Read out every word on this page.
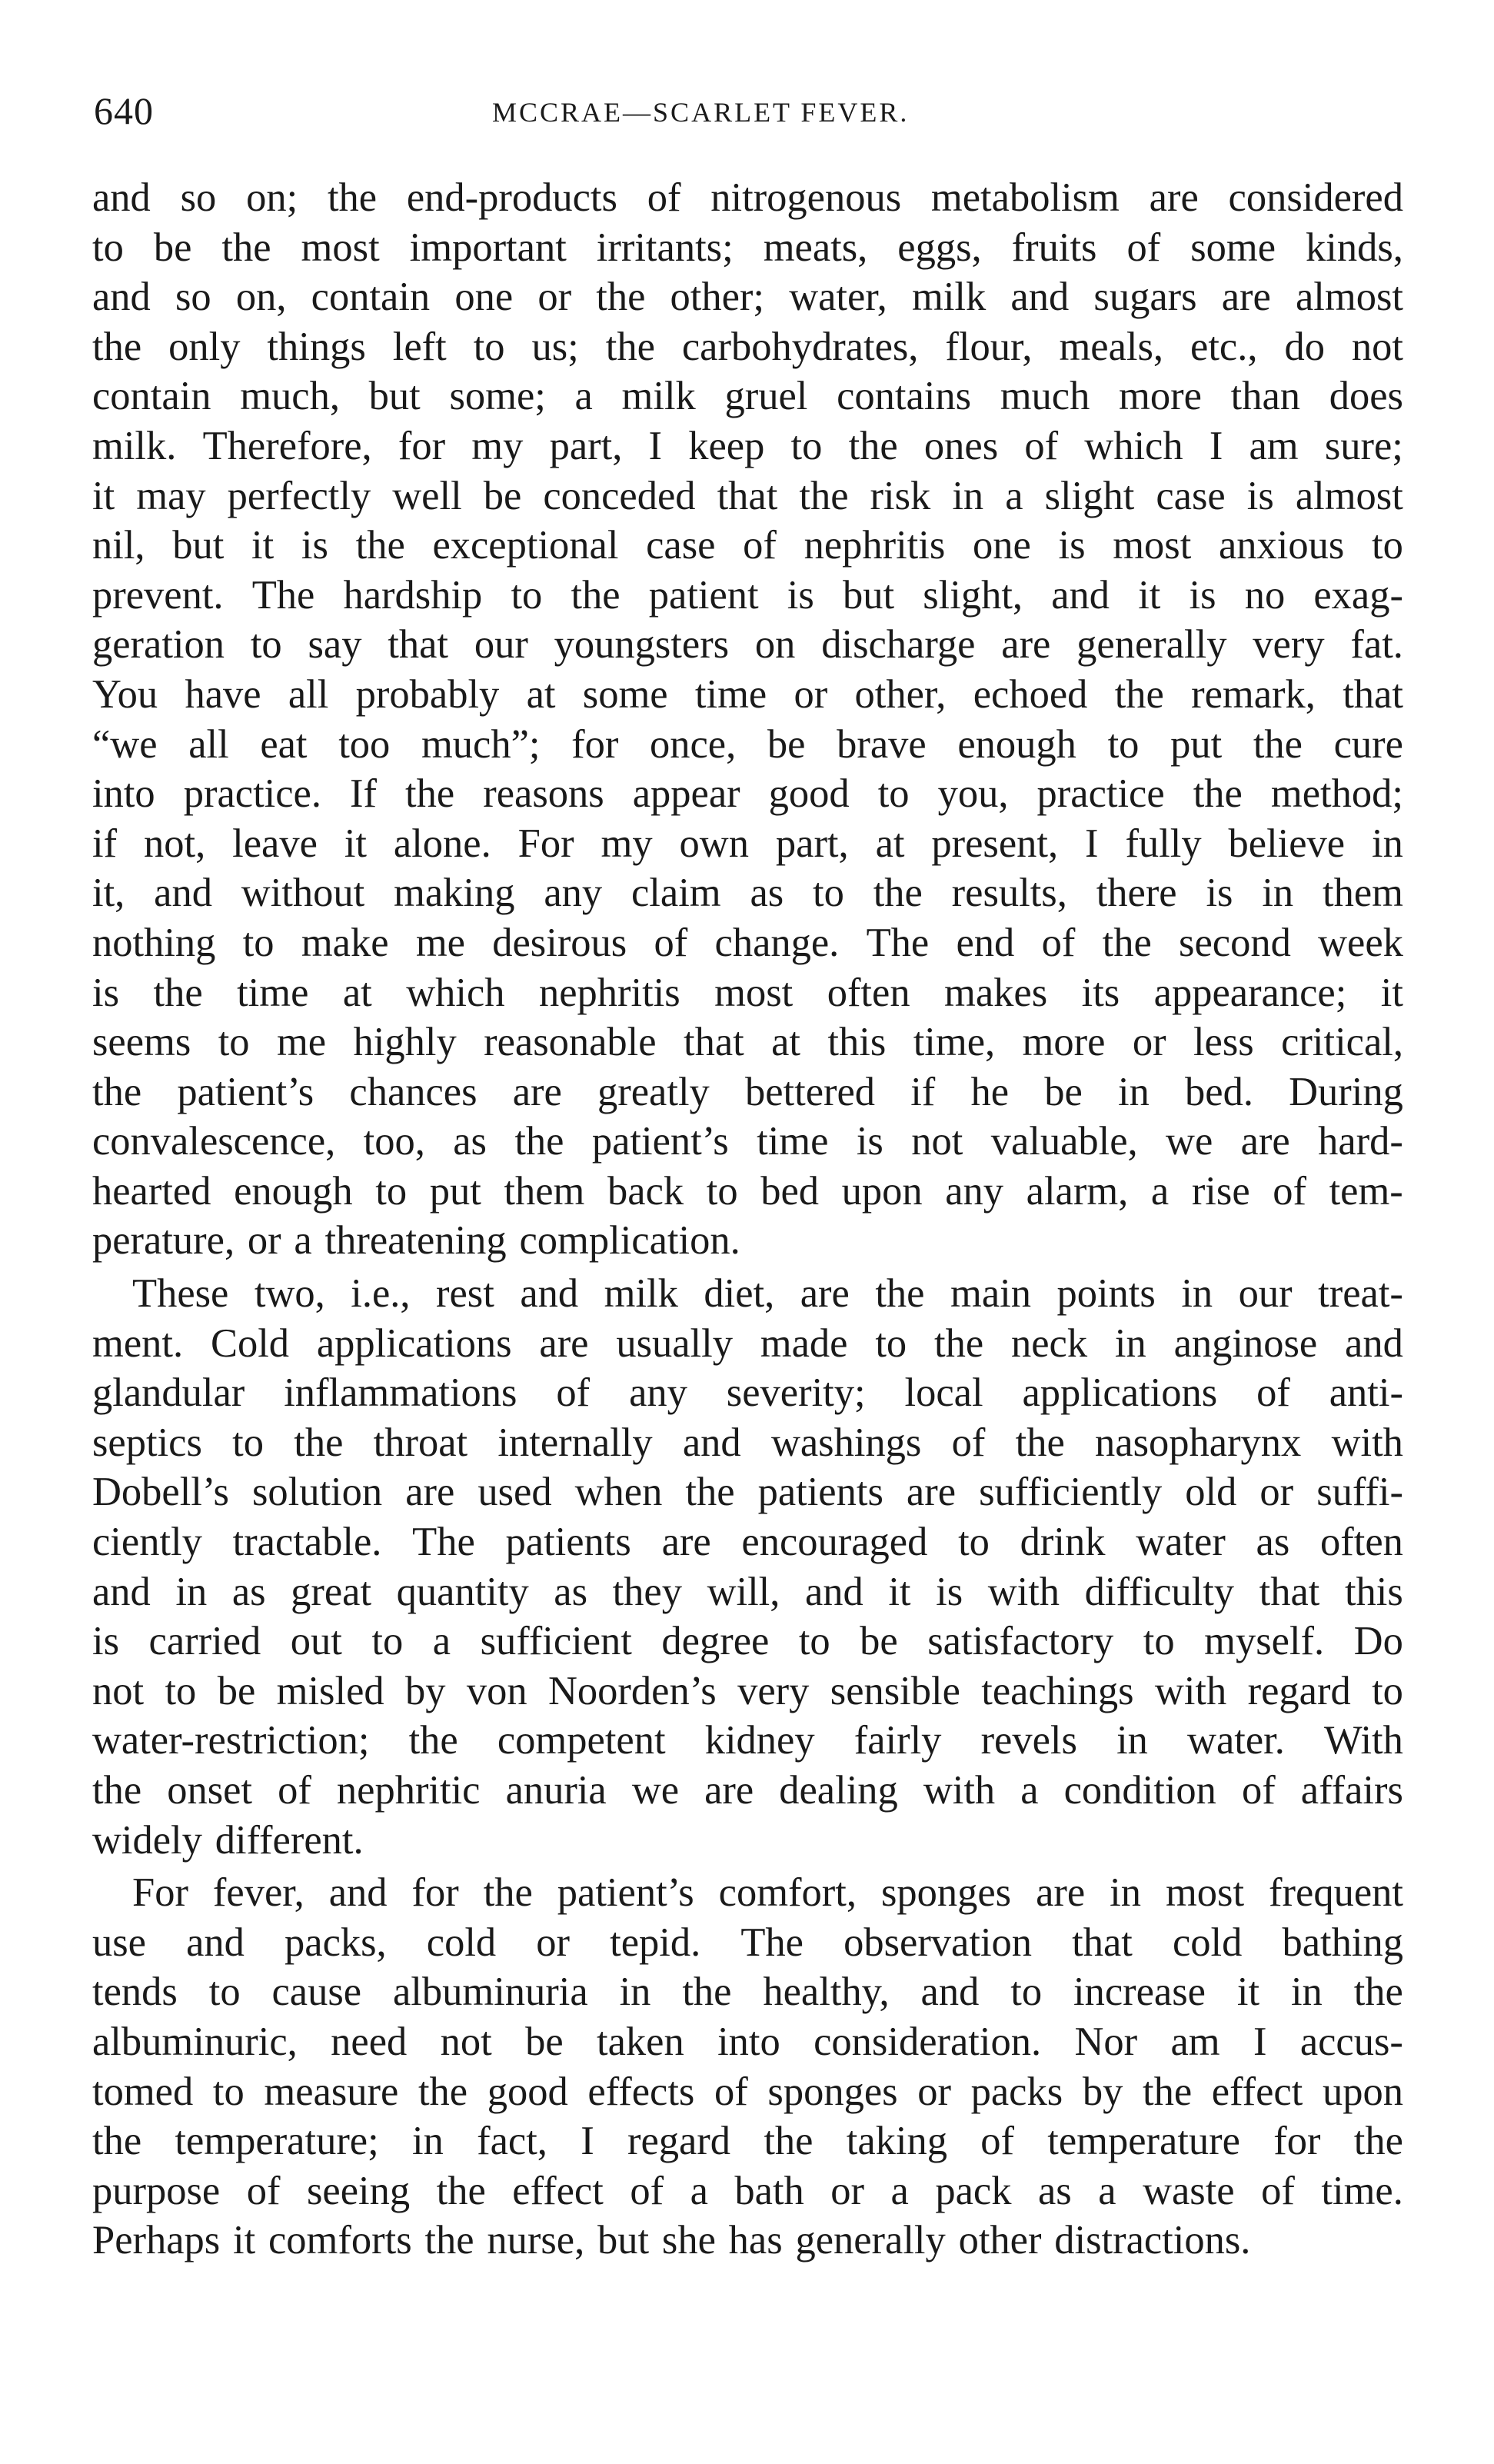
640	MCCRAE—SCARLET FEVER.
and so on; the end-products of nitrogenous metabolism are considered
to be the most important irritants; meats, eggs, fruits of some kinds,
and so on, contain one or the other; water, milk and sugars are almost
the only things left to us; the carbohydrates, flour, meals, etc., do not
contain much, but some; a milk gruel contains much more than does
milk. Therefore, for my part, I keep to the ones of which I am sure;
it may perfectly well be conceded that the risk in a slight case is almost
nil, but it is the exceptional case of nephritis one is most anxious to
prevent. The hardship to the patient is but slight, and it is no exag-
geration to say that our youngsters on discharge are generally very fat.
You have all probably at some time or other, echoed the remark, that
“we all eat too much”; for once, be brave enough to put the cure
into practice. If the reasons appear good to you, practice the method;
if not, leave it alone. For my own part, at present, I fully believe in
it, and without making any claim as to the results, there is in them
nothing to make me desirous of change. The end of the second week
is the time at which nephritis most often makes its appearance; it
seems to me highly reasonable that at this time, more or less critical,
the patient’s chances are greatly bettered if he be in bed. During
convalescence, too, as the patient’s time is not valuable, we are hard-
hearted enough to put them back to bed upon any alarm, a rise of tem-
perature, or a threatening complication.
These two, i.e., rest and milk diet, are the main points in our treat-
ment. Cold applications are usually made to the neck in anginose and
glandular inflammations of any severity; local applications of anti-
septics to the throat internally and washings of the nasopharynx with
Dobell’s solution are used when the patients are sufficiently old or suffi-
ciently tractable. The patients are encouraged to drink water as often
and in as great quantity as they will, and it is with difficulty that this
is carried out to a sufficient degree to be satisfactory to myself. Do
not to be misled by von Noorden’s very sensible teachings with regard to
water-restriction; the competent kidney fairly revels in water. With
the onset of nephritic anuria we are dealing with a condition of affairs
widely different.
For fever, and for the patient’s comfort, sponges are in most frequent
use and packs, cold or tepid. The observation that cold bathing
tends to cause albuminuria in the healthy, and to increase it in the
albuminuric, need not be taken into consideration. Nor am I accus-
tomed to measure the good effects of sponges or packs by the effect upon
the temperature; in fact, I regard the taking of temperature for the
purpose of seeing the effect of a bath or a pack as a waste of time.
Perhaps it comforts the nurse, but she has generally other distractions.
